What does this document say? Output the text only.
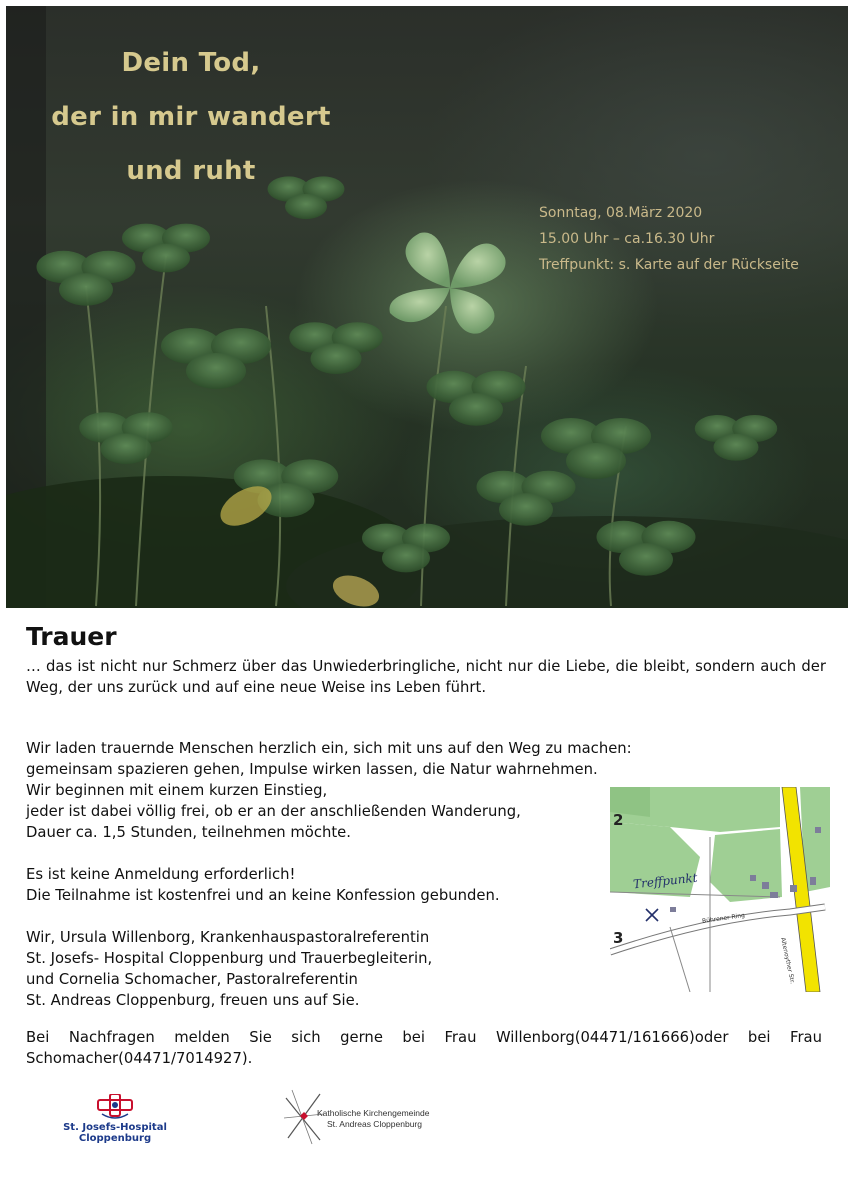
Dein Tod,
der in mir wandert
und ruht
Sonntag, 08.März 2020
15.00 Uhr – ca.16.30 Uhr
Treffpunkt: s. Karte auf der Rückseite
Trauer
… das ist nicht nur Schmerz über das Unwiederbringliche, nicht nur die Liebe, die bleibt, sondern auch der Weg, der uns zurück und auf eine neue Weise ins Leben führt.
Wir laden trauernde Menschen herzlich ein, sich mit uns auf den Weg zu machen:
gemeinsam spazieren gehen, Impulse wirken lassen, die Natur wahrnehmen.
Wir beginnen mit einem kurzen Einstieg,
jeder ist dabei völlig frei, ob er an der anschließenden Wanderung,
Dauer ca. 1,5 Stunden, teilnehmen möchte.
Es ist keine Anmeldung erforderlich!
Die Teilnahme ist kostenfrei und an keine Konfession gebunden.
Wir, Ursula Willenborg, Krankenhauspastoralreferentin
St. Josefs- Hospital Cloppenburg und Trauerbegleiterin,
und Cornelia Schomacher, Pastoralreferentin
St. Andreas Cloppenburg, freuen uns auf Sie.
Bei Nachfragen melden Sie sich gerne bei Frau Willenborg(04471/161666)oder bei Frau Schomacher(04471/7014927).
2
3
Treffpunkt
Bührener Ring
Altenoyther Str.
St. Josefs-Hospital
Cloppenburg
Katholische Kirchengemeinde
St. Andreas Cloppenburg
